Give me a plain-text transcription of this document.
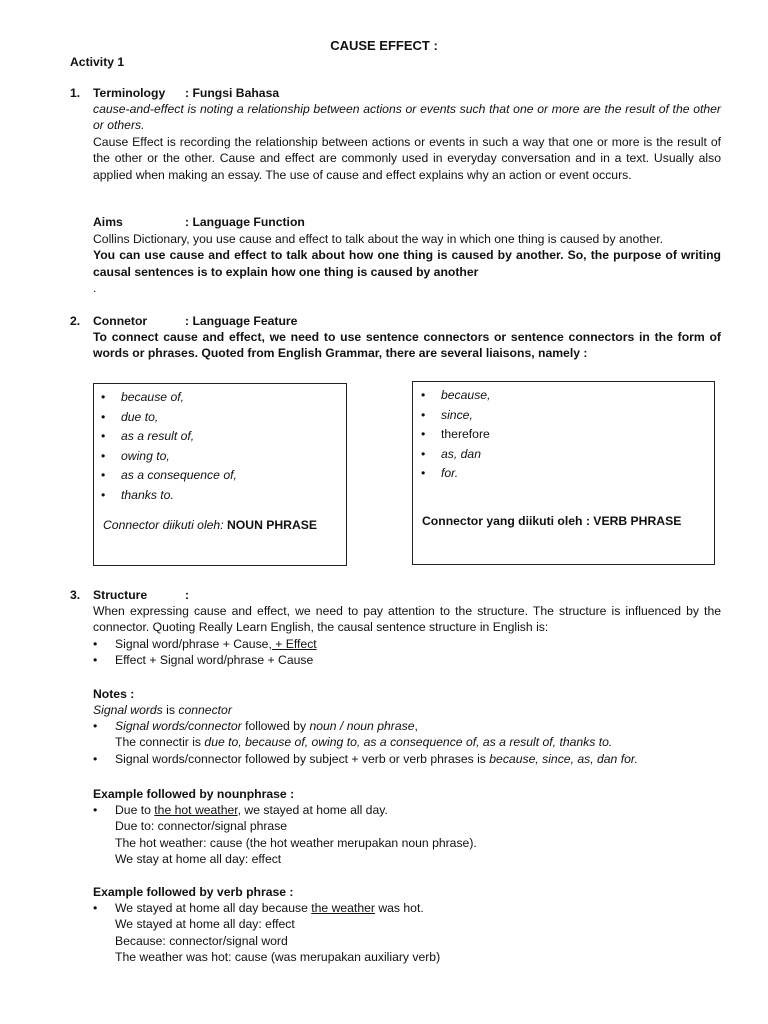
CAUSE EFFECT :
Activity 1
1.	Terminology : Fungsi Bahasa

cause-and-effect is noting a relationship between actions or events such that one or more are the result of the other or others.

Cause Effect is recording the relationship between actions or events in such a way that one or more is the result of the other or the other. Cause and effect are commonly used in everyday conversation and in a text. Usually also applied when making an essay. The use of cause and effect explains why an action or event occurs.

Aims	: Language Function

Collins Dictionary, you use cause and effect to talk about the way in which one thing is caused by another.

You can use cause and effect to talk about how one thing is caused by another. So, the purpose of writing causal sentences is to explain how one thing is caused by another

.

2.	Connetor	: Language Feature
To connect cause and effect, we need to use sentence connectors or sentence connectors in the form of words or phrases. Quoted from English Grammar, there are several liaisons, namely :
• because of,
• due to,
• as a result of,
• owing to,
• as a consequence of,
• thanks to.
Connector diikuti oleh: NOUN PHRASE
• because,
• since,
• therefore
• as, dan
• for.
Connector yang diikuti oleh : VERB PHRASE
3.	Structure	:
When expressing cause and effect, we need to pay attention to the structure. The structure is influenced by the connector. Quoting Really Learn English, the causal sentence structure in English is:
• Signal word/phrase + Cause, + Effect
• Effect + Signal word/phrase + Cause
Notes :
Signal words is connector
• Signal words/connector followed by noun / noun phrase,
The connectir is due to, because of, owing to, as a consequence of, as a result of, thanks to.
• Signal words/connector followed by subject + verb or verb phrases is because, since, as, dan for.
Example followed by nounphrase :
• Due to the hot weather, we stayed at home all day.
Due to: connector/signal phrase
The hot weather: cause (the hot weather merupakan noun phrase).
We stay at home all day: effect
Example followed by verb phrase :
• We stayed at home all day because the weather was hot.
We stayed at home all day: effect
Because: connector/signal word
The weather was hot: cause (was merupakan auxiliary verb)
